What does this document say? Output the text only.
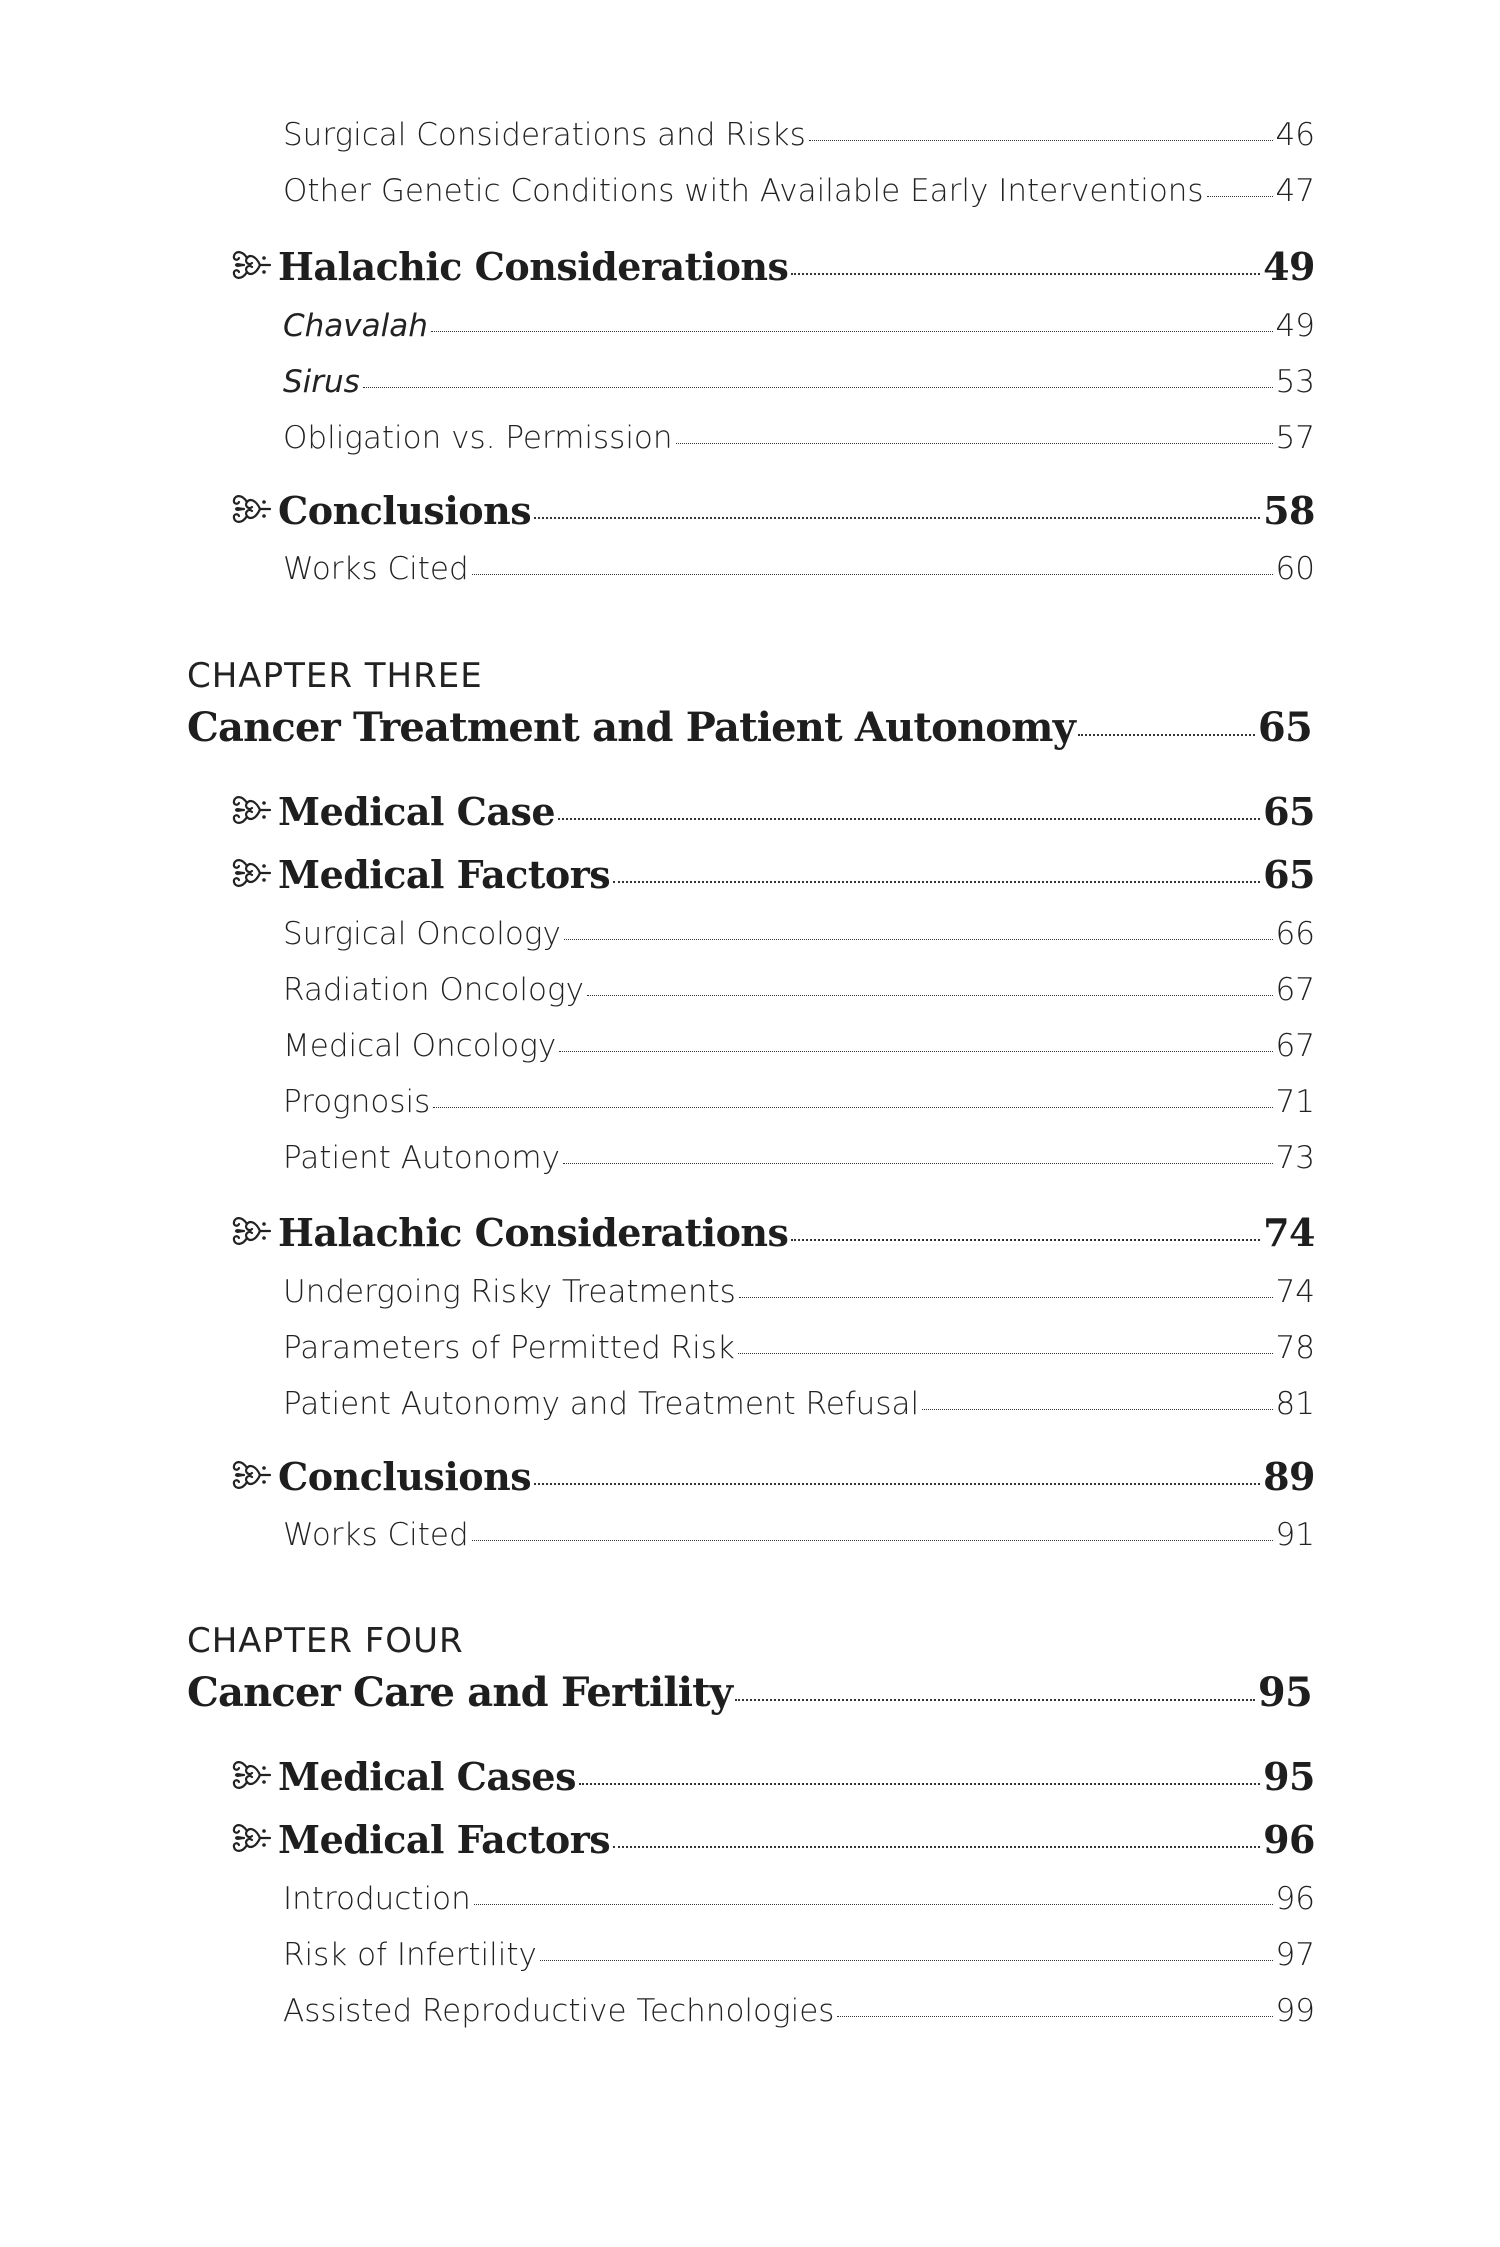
Surgical Considerations and Risks	46
Other Genetic Conditions with Available Early Interventions 47
Halachic Considerations	49
Chavalah	49
Sirus	53
Obligation vs. Permission	57
Conclusions	58
Works Cited	60
CHAPTER THREE
Cancer Treatment and Patient Autonomy	65
Medical Case	65
Medical Factors	65
Surgical Oncology	66
Radiation Oncology	67
Medical Oncology	67
Prognosis	71
Patient Autonomy	73
Halachic Considerations	74
Undergoing Risky Treatments	74
Parameters of Permitted Risk	78
Patient Autonomy and Treatment Refusal	81
Conclusions	89
Works Cited	91
CHAPTER FOUR
Cancer Care and Fertility	95
Medical Cases	95
Medical Factors	96
Introduction	96
Risk of Infertility	97
Assisted Reproductive Technologies	99
